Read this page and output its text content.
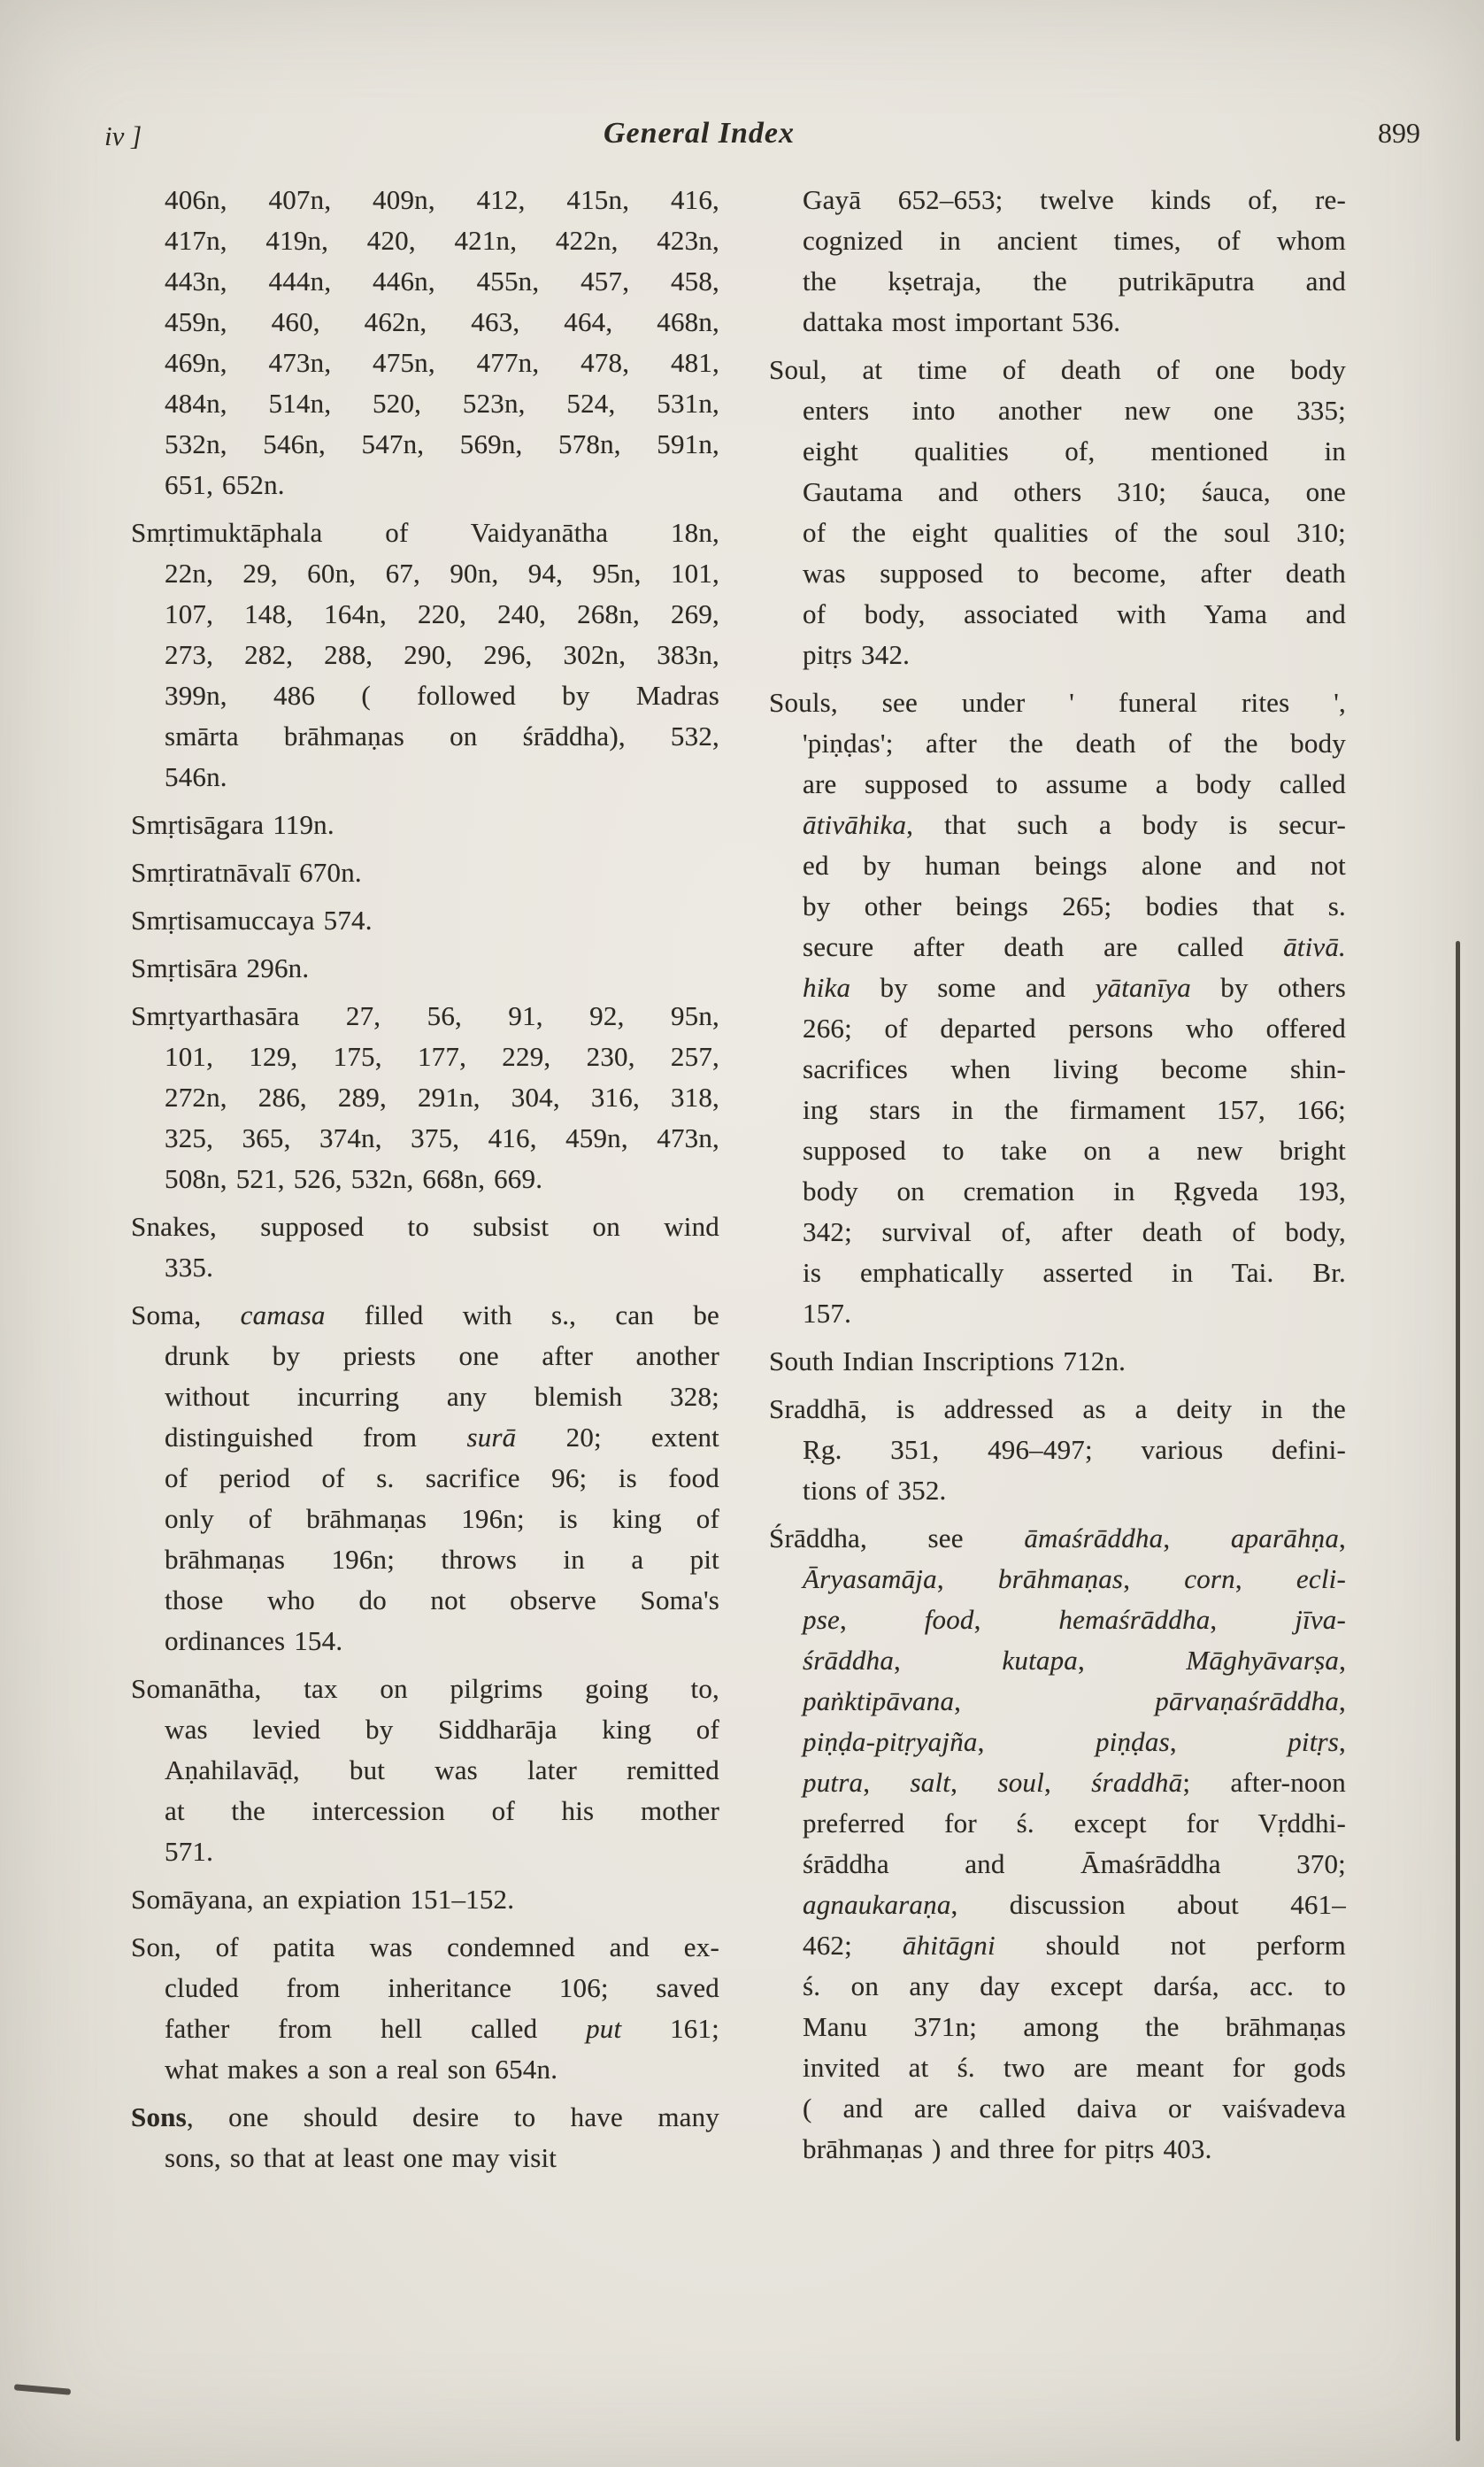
iv ]	General Index	899
406n, 407n, 409n, 412, 415n, 416,
417n, 419n, 420, 421n, 422n, 423n,
443n, 444n, 446n, 455n, 457, 458,
459n, 460, 462n, 463, 464, 468n,
469n, 473n, 475n, 477n, 478, 481,
484n, 514n, 520, 523n, 524, 531n,
532n, 546n, 547n, 569n, 578n, 591n,
651, 652n.
Smṛtimuktāphala of Vaidyanātha 18n,
22n, 29, 60n, 67, 90n, 94, 95n, 101,
107, 148, 164n, 220, 240, 268n, 269,
273, 282, 288, 290, 296, 302n, 383n,
399n, 486 ( followed by Madras
smārta brāhmaṇas on śrāddha), 532,
546n.
Smṛtisāgara 119n.
Smṛtiratnāvalī 670n.
Smṛtisamuccaya 574.
Smṛtisāra 296n.
Smṛtyarthasāra 27, 56, 91, 92, 95n,
101, 129, 175, 177, 229, 230, 257,
272n, 286, 289, 291n, 304, 316, 318,
325, 365, 374n, 375, 416, 459n, 473n,
508n, 521, 526, 532n, 668n, 669.
Snakes, supposed to subsist on wind
335.
Soma, camasa filled with s., can be
drunk by priests one after another
without incurring any blemish 328;
distinguished from surā 20; extent
of period of s. sacrifice 96; is food
only of brāhmaṇas 196n; is king of
brāhmaṇas 196n; throws in a pit
those who do not observe Soma's
ordinances 154.
Somanātha, tax on pilgrims going to,
was levied by Siddharāja king of
Aṇahilavāḍ, but was later remitted
at the intercession of his mother
571.
Somāyana, an expiation 151–152.
Son, of patita was condemned and ex-
cluded from inheritance 106; saved
father from hell called put 161;
what makes a son a real son 654n.
Sons, one should desire to have many
sons, so that at least one may visit
Gayā 652–653; twelve kinds of, re-
cognized in ancient times, of whom
the kṣetraja, the putrikāputra and
dattaka most important 536.
Soul, at time of death of one body
enters into another new one 335;
eight qualities of, mentioned in
Gautama and others 310; śauca, one
of the eight qualities of the soul 310;
was supposed to become, after death
of body, associated with Yama and
pitṛs 342.
Souls, see under ' funeral rites ',
'piṇḍas'; after the death of the body
are supposed to assume a body called
ātivāhika, that such a body is secur-
ed by human beings alone and not
by other beings 265; bodies that s.
secure after death are called ātivā.
hika by some and yātanīya by others
266; of departed persons who offered
sacrifices when living become shin-
ing stars in the firmament 157, 166;
supposed to take on a new bright
body on cremation in Ṛgveda 193,
342; survival of, after death of body,
is emphatically asserted in Tai. Br.
157.
South Indian Inscriptions 712n.
Sraddhā, is addressed as a deity in the
Ṛg. 351, 496–497; various defini-
tions of 352.
Śrāddha, see āmaśrāddha, aparāhṇa,
Āryasamāja, brāhmaṇas, corn, ecli-
pse, food, hemaśrāddha, jīva-
śrāddha, kutapa, Māghyāvarṣa,
paṅktipāvana, pārvaṇaśrāddha,
piṇḍa-pitṛyajña, piṇḍas, pitṛs,
putra, salt, soul, śraddhā; after-noon
preferred for ś. except for Vṛddhi-
śrāddha and Āmaśrāddha 370;
agnaukaraṇa, discussion about 461–
462; āhitāgni should not perform
ś. on any day except darśa, acc. to
Manu 371n; among the brāhmaṇas
invited at ś. two are meant for gods
( and are called daiva or vaiśvadeva
brāhmaṇas ) and three for pitṛs 403.
